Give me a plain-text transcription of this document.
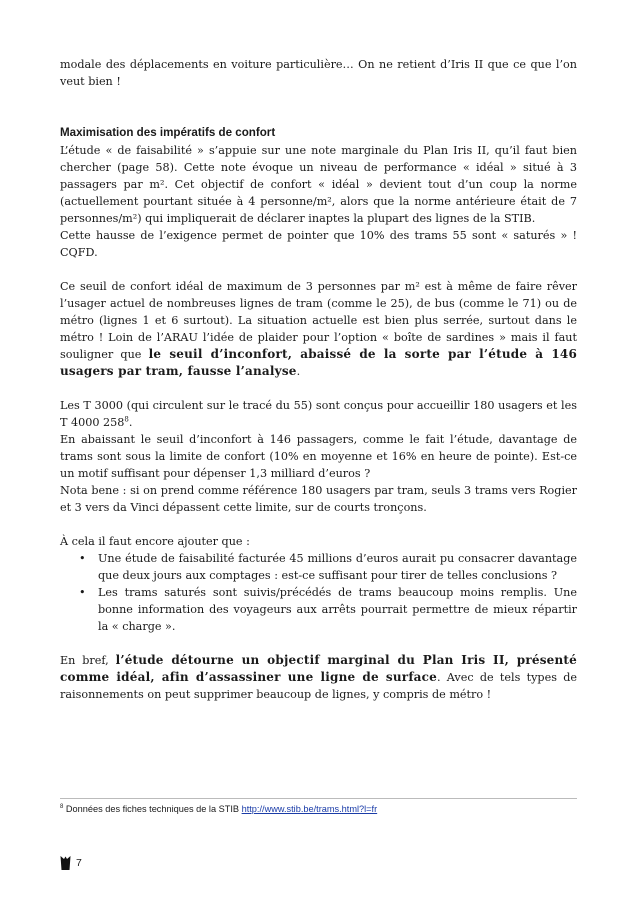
modale des déplacements en voiture particulière… On ne retient d’Iris II que ce que l’on veut bien !

Maximisation des impératifs de confort

L’étude « de faisabilité » s’appuie sur une note marginale du Plan Iris II, qu’il faut bien chercher (page 58). Cette note évoque un niveau de performance « idéal » situé à 3 passagers par m². Cet objectif de confort « idéal » devient tout d’un coup la norme (actuellement pourtant située à 4 personne/m², alors que la norme antérieure était de 7 personnes/m²) qui impliquerait de déclarer inaptes la plupart des lignes de la STIB.

Cette hausse de l’exigence permet de pointer que 10% des trams 55 sont « saturés » ! CQFD.

Ce seuil de confort idéal de maximum de 3 personnes par m² est à même de faire rêver l’usager actuel de nombreuses lignes de tram (comme le 25), de bus (comme le 71) ou de métro (lignes 1 et 6 surtout). La situation actuelle est bien plus serrée, surtout dans le métro ! Loin de l’ARAU l’idée de plaider pour l’option « boîte de sardines » mais il faut souligner que le seuil d’inconfort, abaissé de la sorte par l’étude à 146 usagers par tram, fausse l’analyse.

Les T 3000 (qui circulent sur le tracé du 55) sont conçus pour accueillir 180 usagers et les T 4000 $258^8$.

En abaissant le seuil d’inconfort à 146 passagers, comme le fait l’étude, davantage de trams sont sous la limite de confort (10% en moyenne et 16% en heure de pointe). Est-ce un motif suffisant pour dépenser 1,3 milliard d’euros ?

Nota bene : si on prend comme référence 180 usagers par tram, seuls 3 trams vers Rogier et 3 vers da Vinci dépassent cette limite, sur de courts tronçons.

À cela il faut encore ajouter que :

• Une étude de faisabilité facturée 45 millions d’euros aurait pu consacrer davantage que deux jours aux comptages : est-ce suffisant pour tirer de telles conclusions ?
• Les trams saturés sont suivis/précédés de trams beaucoup moins remplis. Une bonne information des voyageurs aux arrêts pourrait permettre de mieux répartir la « charge ».

En bref, l’étude détourne un objectif marginal du Plan Iris II, présenté comme idéal, afin d’assassiner une ligne de surface. Avec de tels types de raisonnements on peut supprimer beaucoup de lignes, y compris de métro !

$^8$ Données des fiches techniques de la STIB http://www.stib.be/trams.html?l=fr
7
